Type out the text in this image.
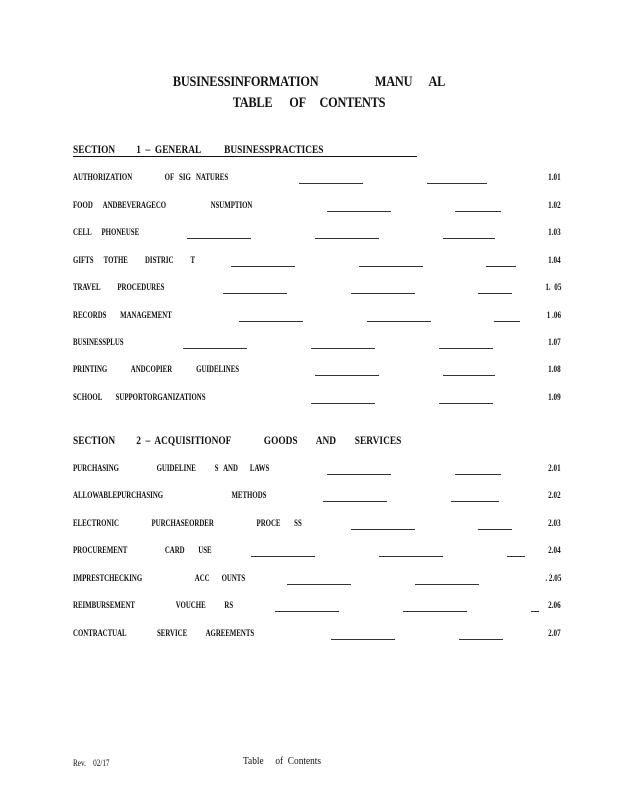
BUSINESSINFORMATION                    MANU      AL
TABLE      OF     CONTENTS
SECTION         1  –  GENERAL          BUSINESSPRACTICES
AUTHORIZATION                   OF   SIG   NATURES	1.01
FOOD      ANDBEVERAGECO                          NSUMPTION	1.02
CELL      PHONEUSE	1.03
GIFTS      TOTHE          DISTRIC          T	1.04
TRAVEL          PROCEDURES	1.  05
RECORDS        MANAGEMENT	1 .06
BUSINESSPLUS	1.07
PRINTING              ANDCOPIER              GUIDELINES	1.08
SCHOOL        SUPPORTORGANIZATIONS	1.09
SECTION         2  –  ACQUISITIONOF              GOODS        AND        SERVICES
PURCHASING                      GUIDELINE           S   AND       LAWS	2.01
ALLOWABLEPURCHASING                                        METHODS	2.02
ELECTRONIC                   PURCHASEORDER                         PROCE        SS	2.03
PROCUREMENT                      CARD        USE	2.04
IMPRESTCHECKING                               ACC       OUNTS	. 2.05
REIMBURSEMENT                        VOUCHE           RS	2.06
CONTRACTUAL                  SERVICE           AGREEMENTS	2.07
Rev.    02/17	Table     of  Contents
